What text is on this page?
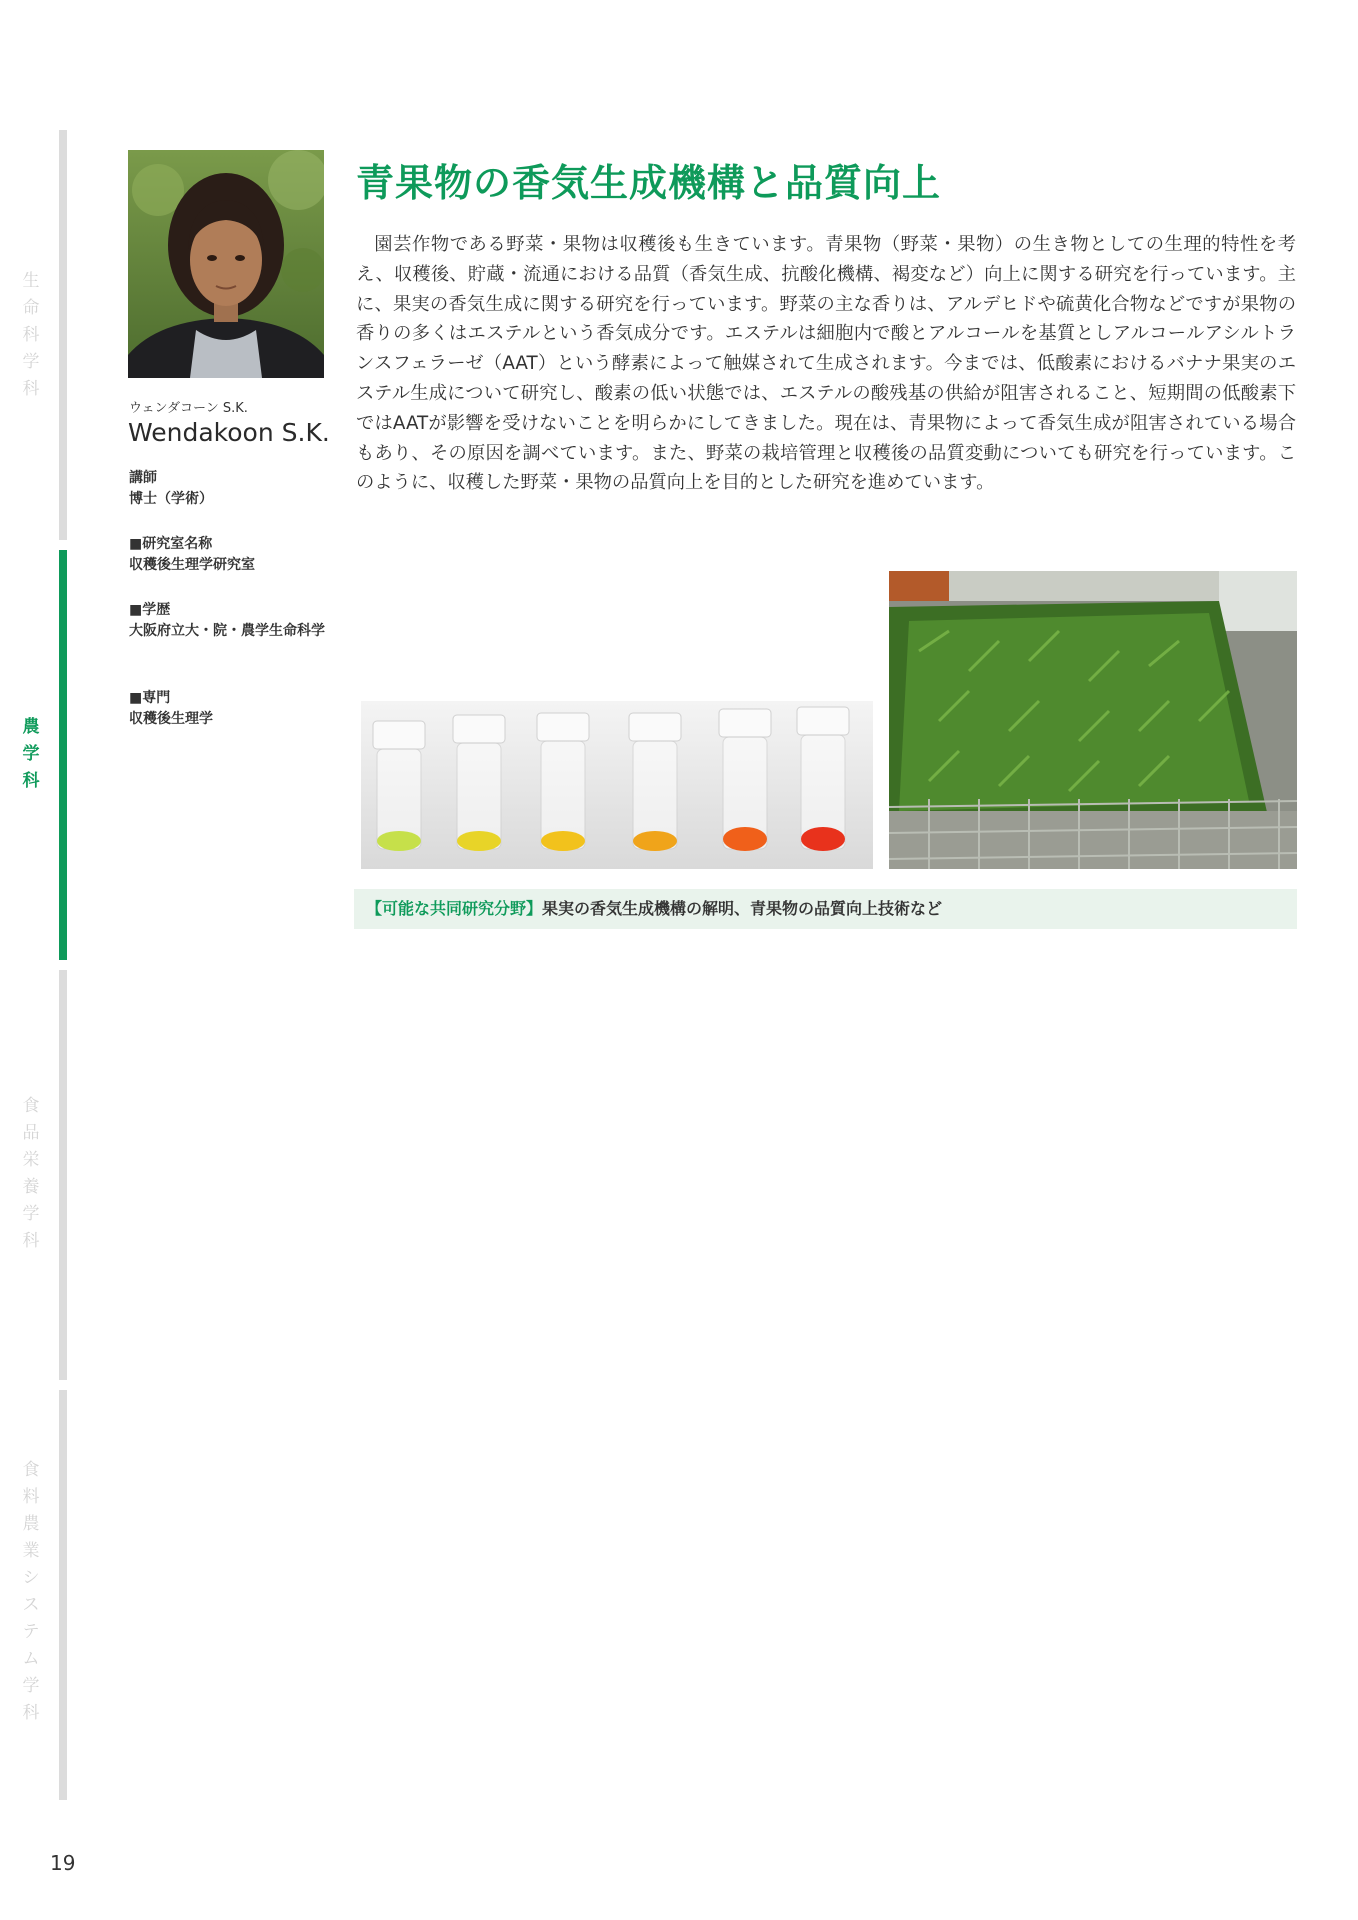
生命科学科
農学科
食品栄養学科
食料農業システム学科
ウェンダコーン S.K.
Wendakoon S.K.
講師
博士（学術）
■研究室名称
収穫後生理学研究室
■学歴
大阪府立大・院・農学生命科学
■専門
収穫後生理学
青果物の香気生成機構と品質向上
園芸作物である野菜・果物は収穫後も生きています。青果物（野菜・果物）の生き物としての生理的特性を考え、収穫後、貯蔵・流通における品質（香気生成、抗酸化機構、褐変など）向上に関する研究を行っています。主に、果実の香気生成に関する研究を行っています。野菜の主な香りは、アルデヒドや硫黄化合物などですが果物の香りの多くはエステルという香気成分です。エステルは細胞内で酸とアルコールを基質としアルコールアシルトランスフェラーゼ（AAT）という酵素によって触媒されて生成されます。今までは、低酸素におけるバナナ果実のエステル生成について研究し、酸素の低い状態では、エステルの酸残基の供給が阻害されること、短期間の低酸素下ではAATが影響を受けないことを明らかにしてきました。現在は、青果物によって香気生成が阻害されている場合もあり、その原因を調べています。また、野菜の栽培管理と収穫後の品質変動についても研究を行っています。このように、収穫した野菜・果物の品質向上を目的とした研究を進めています。
【可能な共同研究分野】果実の香気生成機構の解明、青果物の品質向上技術など
19
